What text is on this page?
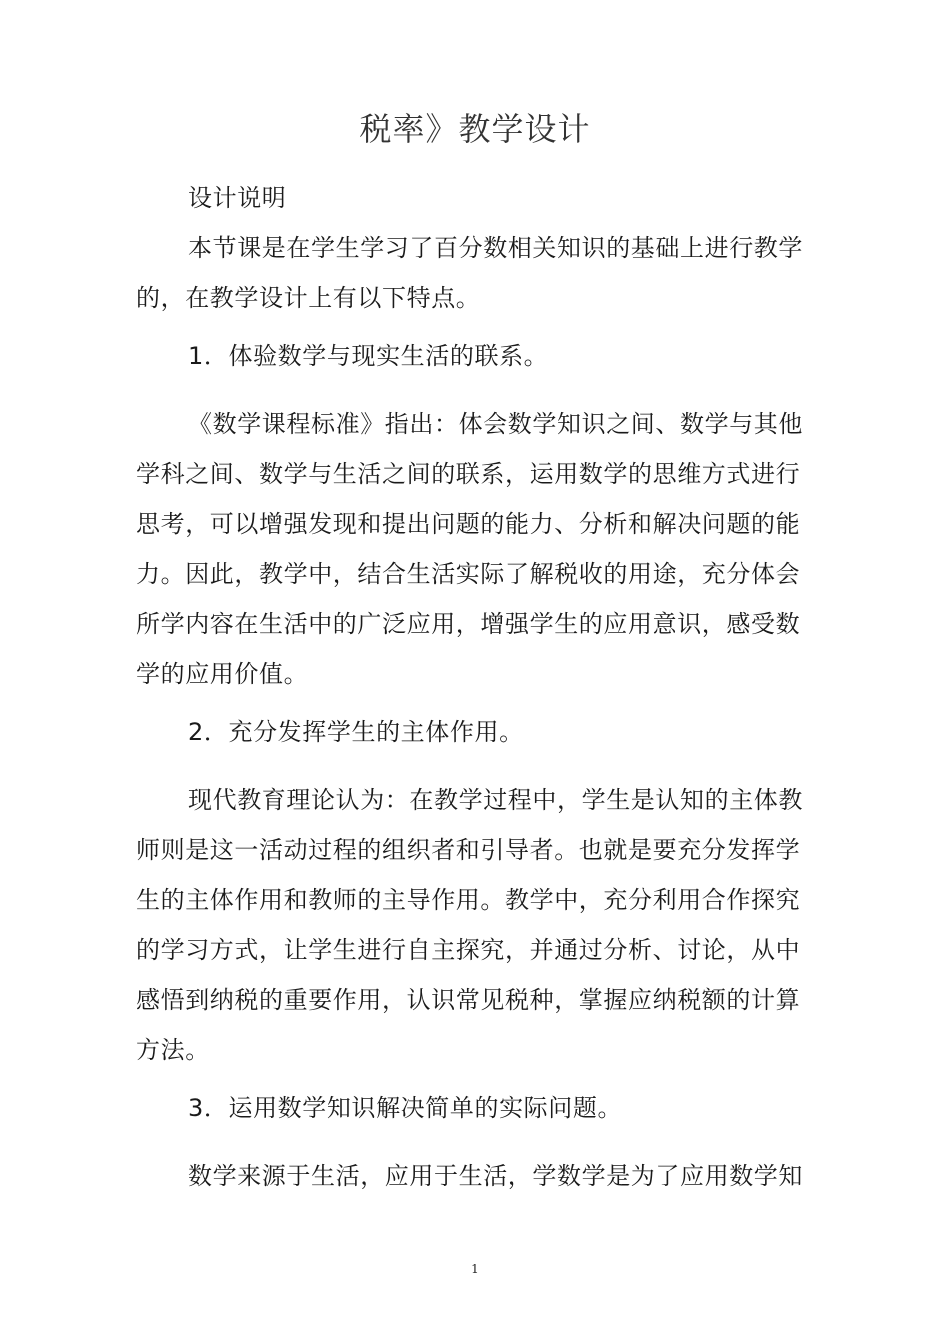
税率》教学设计
设计说明
本节课是在学生学习了百分数相关知识的基础上进行教学
的，在教学设计上有以下特点。
1．体验数学与现实生活的联系。
《数学课程标准》指出：体会数学知识之间、数学与其他
学科之间、数学与生活之间的联系，运用数学的思维方式进行
思考，可以增强发现和提出问题的能力、分析和解决问题的能
力。因此，教学中，结合生活实际了解税收的用途，充分体会
所学内容在生活中的广泛应用，增强学生的应用意识，感受数
学的应用价值。
2．充分发挥学生的主体作用。
现代教育理论认为：在教学过程中，学生是认知的主体教
师则是这一活动过程的组织者和引导者。也就是要充分发挥学
生的主体作用和教师的主导作用。教学中，充分利用合作探究
的学习方式，让学生进行自主探究，并通过分析、讨论，从中
感悟到纳税的重要作用，认识常见税种，掌握应纳税额的计算
方法。
3．运用数学知识解决简单的实际问题。
数学来源于生活，应用于生活，学数学是为了应用数学知
1
